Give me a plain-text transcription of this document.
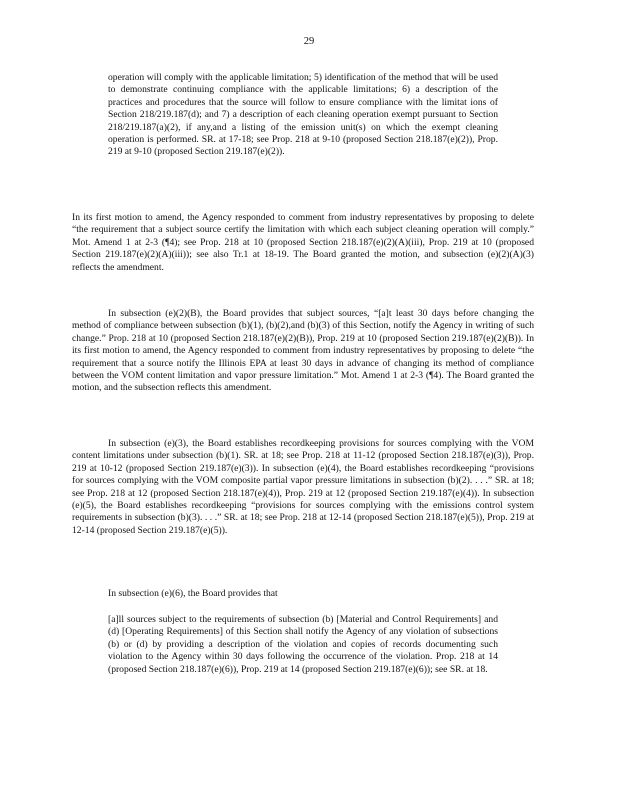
29

operation will comply with the applicable limitation; 5) identification of the method that will be used to demonstrate continuing compliance with the applicable limitations; 6) a description of the practices and procedures that the source will follow to ensure compliance with the limitat ions of Section 218/219.187(d); and 7) a description of each cleaning operation exempt pursuant to Section 218/219.187(a)(2), if any,and a listing of the emission unit(s) on which the exempt cleaning operation is performed. SR. at 17-18; see Prop. 218 at 9-10 (proposed Section 218.187(e)(2)), Prop. 219 at 9-10 (proposed Section 219.187(e)(2)).

In its first motion to amend, the Agency responded to comment from industry representatives by proposing to delete “the requirement that a subject source certify the limitation with which each subject cleaning operation will comply.” Mot. Amend 1 at 2-3 (¶4); see Prop. 218 at 10 (proposed Section 218.187(e)(2)(A)(iii), Prop. 219 at 10 (proposed Section 219.187(e)(2)(A)(iii)); see also Tr.1 at 18-19. The Board granted the motion, and subsection (e)(2)(A)(3) reflects the amendment.

In subsection (e)(2)(B), the Board provides that subject sources, “[a]t least 30 days before changing the method of compliance between subsection (b)(1), (b)(2),and (b)(3) of this Section, notify the Agency in writing of such change.” Prop. 218 at 10 (proposed Section 218.187(e)(2)(B)), Prop. 219 at 10 (proposed Section 219.187(e)(2)(B)). In its first motion to amend, the Agency responded to comment from industry representatives by proposing to delete “the requirement that a source notify the Illinois EPA at least 30 days in advance of changing its method of compliance between the VOM content limitation and vapor pressure limitation.” Mot. Amend 1 at 2-3 (¶4). The Board granted the motion, and the subsection reflects this amendment.

In subsection (e)(3), the Board establishes recordkeeping provisions for sources complying with the VOM content limitations under subsection (b)(1). SR. at 18; see Prop. 218 at 11-12 (proposed Section 218.187(e)(3)), Prop. 219 at 10-12 (proposed Section 219.187(e)(3)). In subsection (e)(4), the Board establishes recordkeeping “provisions for sources complying with the VOM composite partial vapor pressure limitations in subsection (b)(2). . . .” SR. at 18; see Prop. 218 at 12 (proposed Section 218.187(e)(4)), Prop. 219 at 12 (proposed Section 219.187(e)(4)). In subsection (e)(5), the Board establishes recordkeeping “provisions for sources complying with the emissions control system requirements in subsection (b)(3). . . .” SR. at 18; see Prop. 218 at 12-14 (proposed Section 218.187(e)(5)), Prop. 219 at 12-14 (proposed Section 219.187(e)(5)).

In subsection (e)(6), the Board provides that

[a]ll sources subject to the requirements of subsection (b) [Material and Control Requirements] and (d) [Operating Requirements] of this Section shall notify the Agency of any violation of subsections (b) or (d) by providing a description of the violation and copies of records documenting such violation to the Agency within 30 days following the occurrence of the violation. Prop. 218 at 14 (proposed Section 218.187(e)(6)), Prop. 219 at 14 (proposed Section 219.187(e)(6)); see SR. at 18.
